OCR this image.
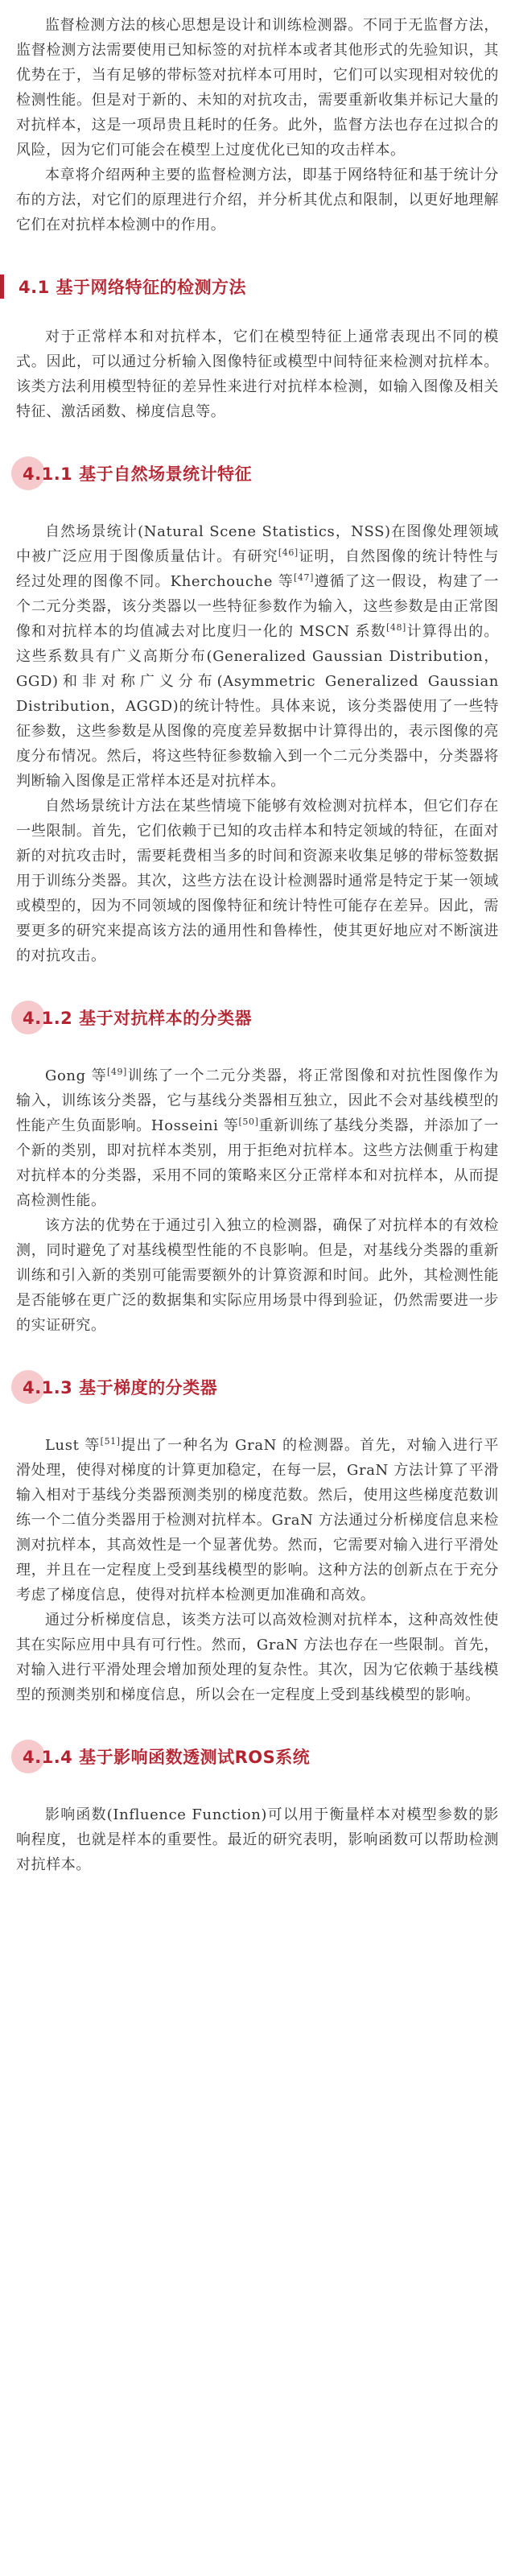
监督检测方法的核心思想是设计和训练检测器。不同于无监督方法，监督检测方法需要使用已知标签的对抗样本或者其他形式的先验知识，其优势在于，当有足够的带标签对抗样本可用时，它们可以实现相对较优的检测性能。但是对于新的、未知的对抗攻击，需要重新收集并标记大量的对抗样本，这是一项昂贵且耗时的任务。此外，监督方法也存在过拟合的风险，因为它们可能会在模型上过度优化已知的攻击样本。

本章将介绍两种主要的监督检测方法，即基于网络特征和基于统计分布的方法，对它们的原理进行介绍，并分析其优点和限制，以更好地理解它们在对抗样本检测中的作用。

4.1 基于网络特征的检测方法

对于正常样本和对抗样本，它们在模型特征上通常表现出不同的模式。因此，可以通过分析输入图像特征或模型中间特征来检测对抗样本。该类方法利用模型特征的差异性来进行对抗样本检测，如输入图像及相关特征、激活函数、梯度信息等。

4.1.1 基于自然场景统计特征

自然场景统计(Natural Scene Statistics，NSS)在图像处理领域中被广泛应用于图像质量估计。有研究[46]证明，自然图像的统计特性与经过处理的图像不同。Kherchouche 等[47]遵循了这一假设，构建了一个二元分类器，该分类器以一些特征参数作为输入，这些参数是由正常图像和对抗样本的均值减去对比度归一化的 MSCN 系数[48]计算得出的。这些系数具有广义高斯分布(Generalized Gaussian Distribution，GGD)和非对称广义分布(Asymmetric Generalized Gaussian Distribution，AGGD)的统计特性。具体来说，该分类器使用了一些特征参数，这些参数是从图像的亮度差异数据中计算得出的，表示图像的亮度分布情况。然后，将这些特征参数输入到一个二元分类器中，分类器将判断输入图像是正常样本还是对抗样本。

自然场景统计方法在某些情境下能够有效检测对抗样本，但它们存在一些限制。首先，它们依赖于已知的攻击样本和特定领域的特征，在面对新的对抗攻击时，需要耗费相当多的时间和资源来收集足够的带标签数据用于训练分类器。其次，这些方法在设计检测器时通常是特定于某一领域或模型的，因为不同领域的图像特征和统计特性可能存在差异。因此，需要更多的研究来提高该方法的通用性和鲁棒性，使其更好地应对不断演进的对抗攻击。

4.1.2 基于对抗样本的分类器

Gong 等[49]训练了一个二元分类器，将正常图像和对抗性图像作为输入，训练该分类器，它与基线分类器相互独立，因此不会对基线模型的性能产生负面影响。Hosseini 等[50]重新训练了基线分类器，并添加了一个新的类别，即对抗样本类别，用于拒绝对抗样本。这些方法侧重于构建对抗样本的分类器，采用不同的策略来区分正常样本和对抗样本，从而提高检测性能。

该方法的优势在于通过引入独立的检测器，确保了对抗样本的有效检测，同时避免了对基线模型性能的不良影响。但是，对基线分类器的重新训练和引入新的类别可能需要额外的计算资源和时间。此外，其检测性能是否能够在更广泛的数据集和实际应用场景中得到验证，仍然需要进一步的实证研究。

4.1.3 基于梯度的分类器

Lust 等[51]提出了一种名为 GraN 的检测器。首先，对输入进行平滑处理，使得对梯度的计算更加稳定，在每一层，GraN 方法计算了平滑输入相对于基线分类器预测类别的梯度范数。然后，使用这些梯度范数训练一个二值分类器用于检测对抗样本。GraN 方法通过分析梯度信息来检测对抗样本，其高效性是一个显著优势。然而，它需要对输入进行平滑处理，并且在一定程度上受到基线模型的影响。这种方法的创新点在于充分考虑了梯度信息，使得对抗样本检测更加准确和高效。

通过分析梯度信息，该类方法可以高效检测对抗样本，这种高效性使其在实际应用中具有可行性。然而，GraN 方法也存在一些限制。首先，对输入进行平滑处理会增加预处理的复杂性。其次，因为它依赖于基线模型的预测类别和梯度信息，所以会在一定程度上受到基线模型的影响。

4.1.4 基于影响函数透测试ROS系统

影响函数(Influence Function)可以用于衡量样本对模型参数的影响程度，也就是样本的重要性。最近的研究表明，影响函数可以帮助检测对抗样本。
